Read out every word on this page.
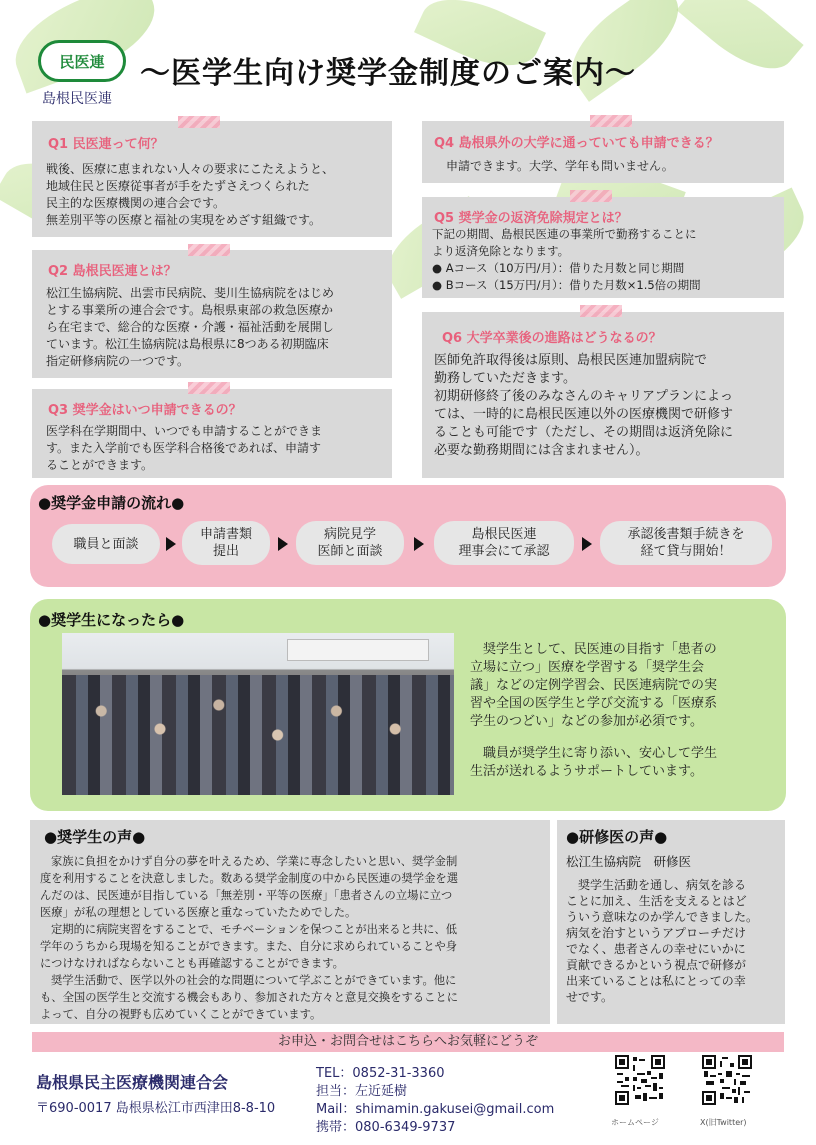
民医連
島根民医連
〜医学生向け奨学金制度のご案内〜
Q1 民医連って何？
戦後、医療に恵まれない人々の要求にこたえようと、
地域住民と医療従事者が手をたずさえつくられた
民主的な医療機関の連合会です。
無差別平等の医療と福祉の実現をめざす組織です。
Q2 島根民医連とは？
松江生協病院、出雲市民病院、斐川生協病院をはじめ
とする事業所の連合会です。島根県東部の救急医療か
ら在宅まで、総合的な医療・介護・福祉活動を展開し
ています。松江生協病院は島根県に8つある初期臨床
指定研修病院の一つです。
Q3 奨学金はいつ申請できるの？
医学科在学期間中、いつでも申請することができま
す。また入学前でも医学科合格後であれば、申請す
ることができます。
Q4 島根県外の大学に通っていても申請できる？
申請できます。大学、学年も問いません。
Q5 奨学金の返済免除規定とは？
下記の期間、島根民医連の事業所で勤務することに
より返済免除となります。
● Aコース（10万円/月）：借りた月数と同じ期間
● Bコース（15万円/月）：借りた月数×1.5倍の期間
Q6 大学卒業後の進路はどうなるの？
医師免許取得後は原則、島根民医連加盟病院で
勤務していただきます。
初期研修終了後のみなさんのキャリアプランによっ
ては、一時的に島根民医連以外の医療機関で研修す
ることも可能です（ただし、その期間は返済免除に
必要な勤務期間には含まれません）。
●奨学金申請の流れ●
職員と面談
申請書類
提出
病院見学
医師と面談
島根民医連
理事会にて承認
承認後書類手続きを
経て貸与開始！
●奨学生になったら●
奨学生として、民医連の目指す「患者の
立場に立つ」医療を学習する「奨学生会
議」などの定例学習会、民医連病院での実
習や全国の医学生と学び交流する「医療系
学生のつどい」などの参加が必須です。
職員が奨学生に寄り添い、安心して学生
生活が送れるようサポートしています。
●奨学生の声●
家族に負担をかけず自分の夢を叶えるため、学業に専念したいと思い、奨学金制
度を利用することを決意しました。数ある奨学金制度の中から民医連の奨学金を選
んだのは、民医連が目指している「無差別・平等の医療」「患者さんの立場に立つ
医療」が私の理想としている医療と重なっていたためでした。
定期的に病院実習をすることで、モチベーションを保つことが出来ると共に、低
学年のうちから現場を知ることができます。また、自分に求められていることや身
につけなければならないことも再確認することができます。
奨学生活動で、医学以外の社会的な問題について学ぶことができています。他に
も、全国の医学生と交流する機会もあり、参加された方々と意見交換をすることに
よって、自分の視野も広めていくことができています。
●研修医の声●
松江生協病院　研修医
奨学生活動を通し、病気を診る
ことに加え、生活を支えるとはど
ういう意味なのか学んできました。
病気を治すというアプローチだけ
でなく、患者さんの幸せにいかに
貢献できるかという視点で研修が
出来ていることは私にとっての幸
せです。
お申込・お問合せはこちらへお気軽にどうぞ
島根県民主医療機関連合会
〒690-0017 島根県松江市西津田8-8-10
TEL：0852-31-3360
担当：左近延樹
Mail：shimamin.gakusei@gmail.com
携帯：080-6349-9737	ホームページ	X(旧Twitter)
